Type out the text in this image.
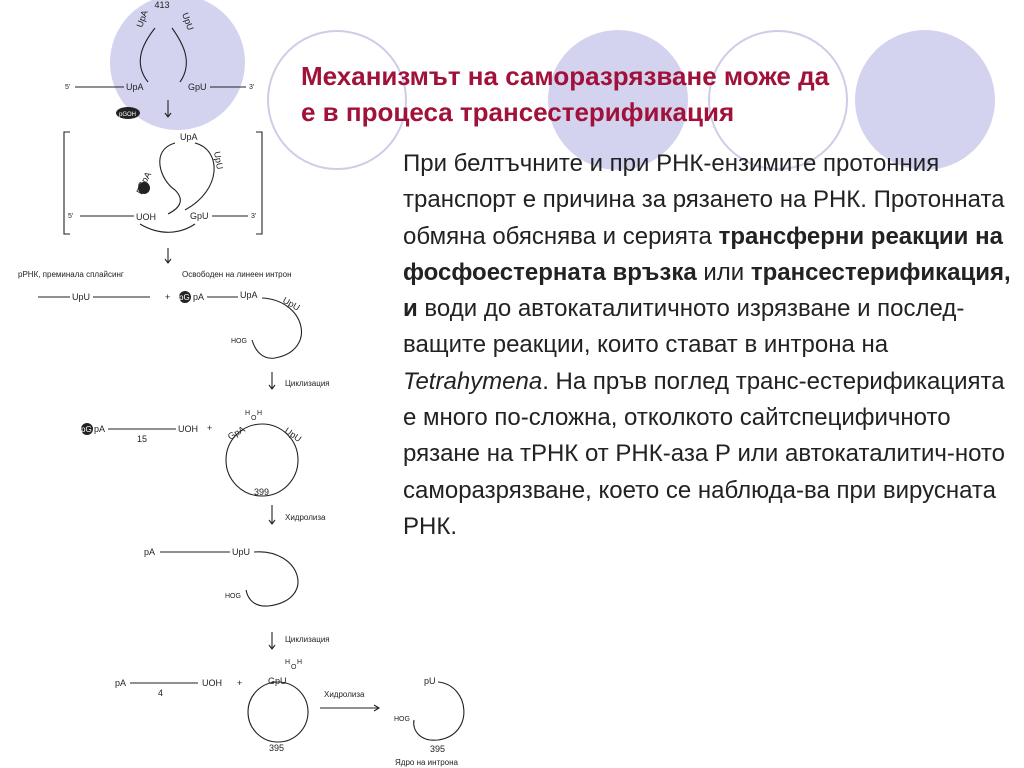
413
UpA	UpU
5'	UpA	GpU	3'
pGOH
UpA
UpU
pGpA
5'	UOH	GpU	3'
рРНК, преминала сплайсинг	Освободен на линеен интрон
UpU	+ pG pA	UpA
UpU
HOG
Циклизация
pG pA	UOH
15
+
H
O
H
GpA	UpU
399
Хидролиза
pA	UpU
HOG
Циклизация
pA	UOH
4
+
H
O
H
GpU
395
Хидролиза
pU
HOG
395
Ядро на интрона
Механизмът на саморазрязване може да
е в процеса трансестерификация

При белтъчните и при РНК-ензимите протонния транспорт е причина за рязането на РНК. Протонната обмяна обяснява и серията трансферни реакции на фосфоестерната връзка или трансестерификация, и води до автокаталитичното изрязване и послед-ващите реакции, които стават в интрона на Tetrahymena. На пръв поглед транс-естерификацията е много по-сложна, отколкото сайтспецифичното рязане на тРНК от РНК-аза Р или автокаталитич-ното саморазрязване, което се наблюда-ва при вирусната РНК.
